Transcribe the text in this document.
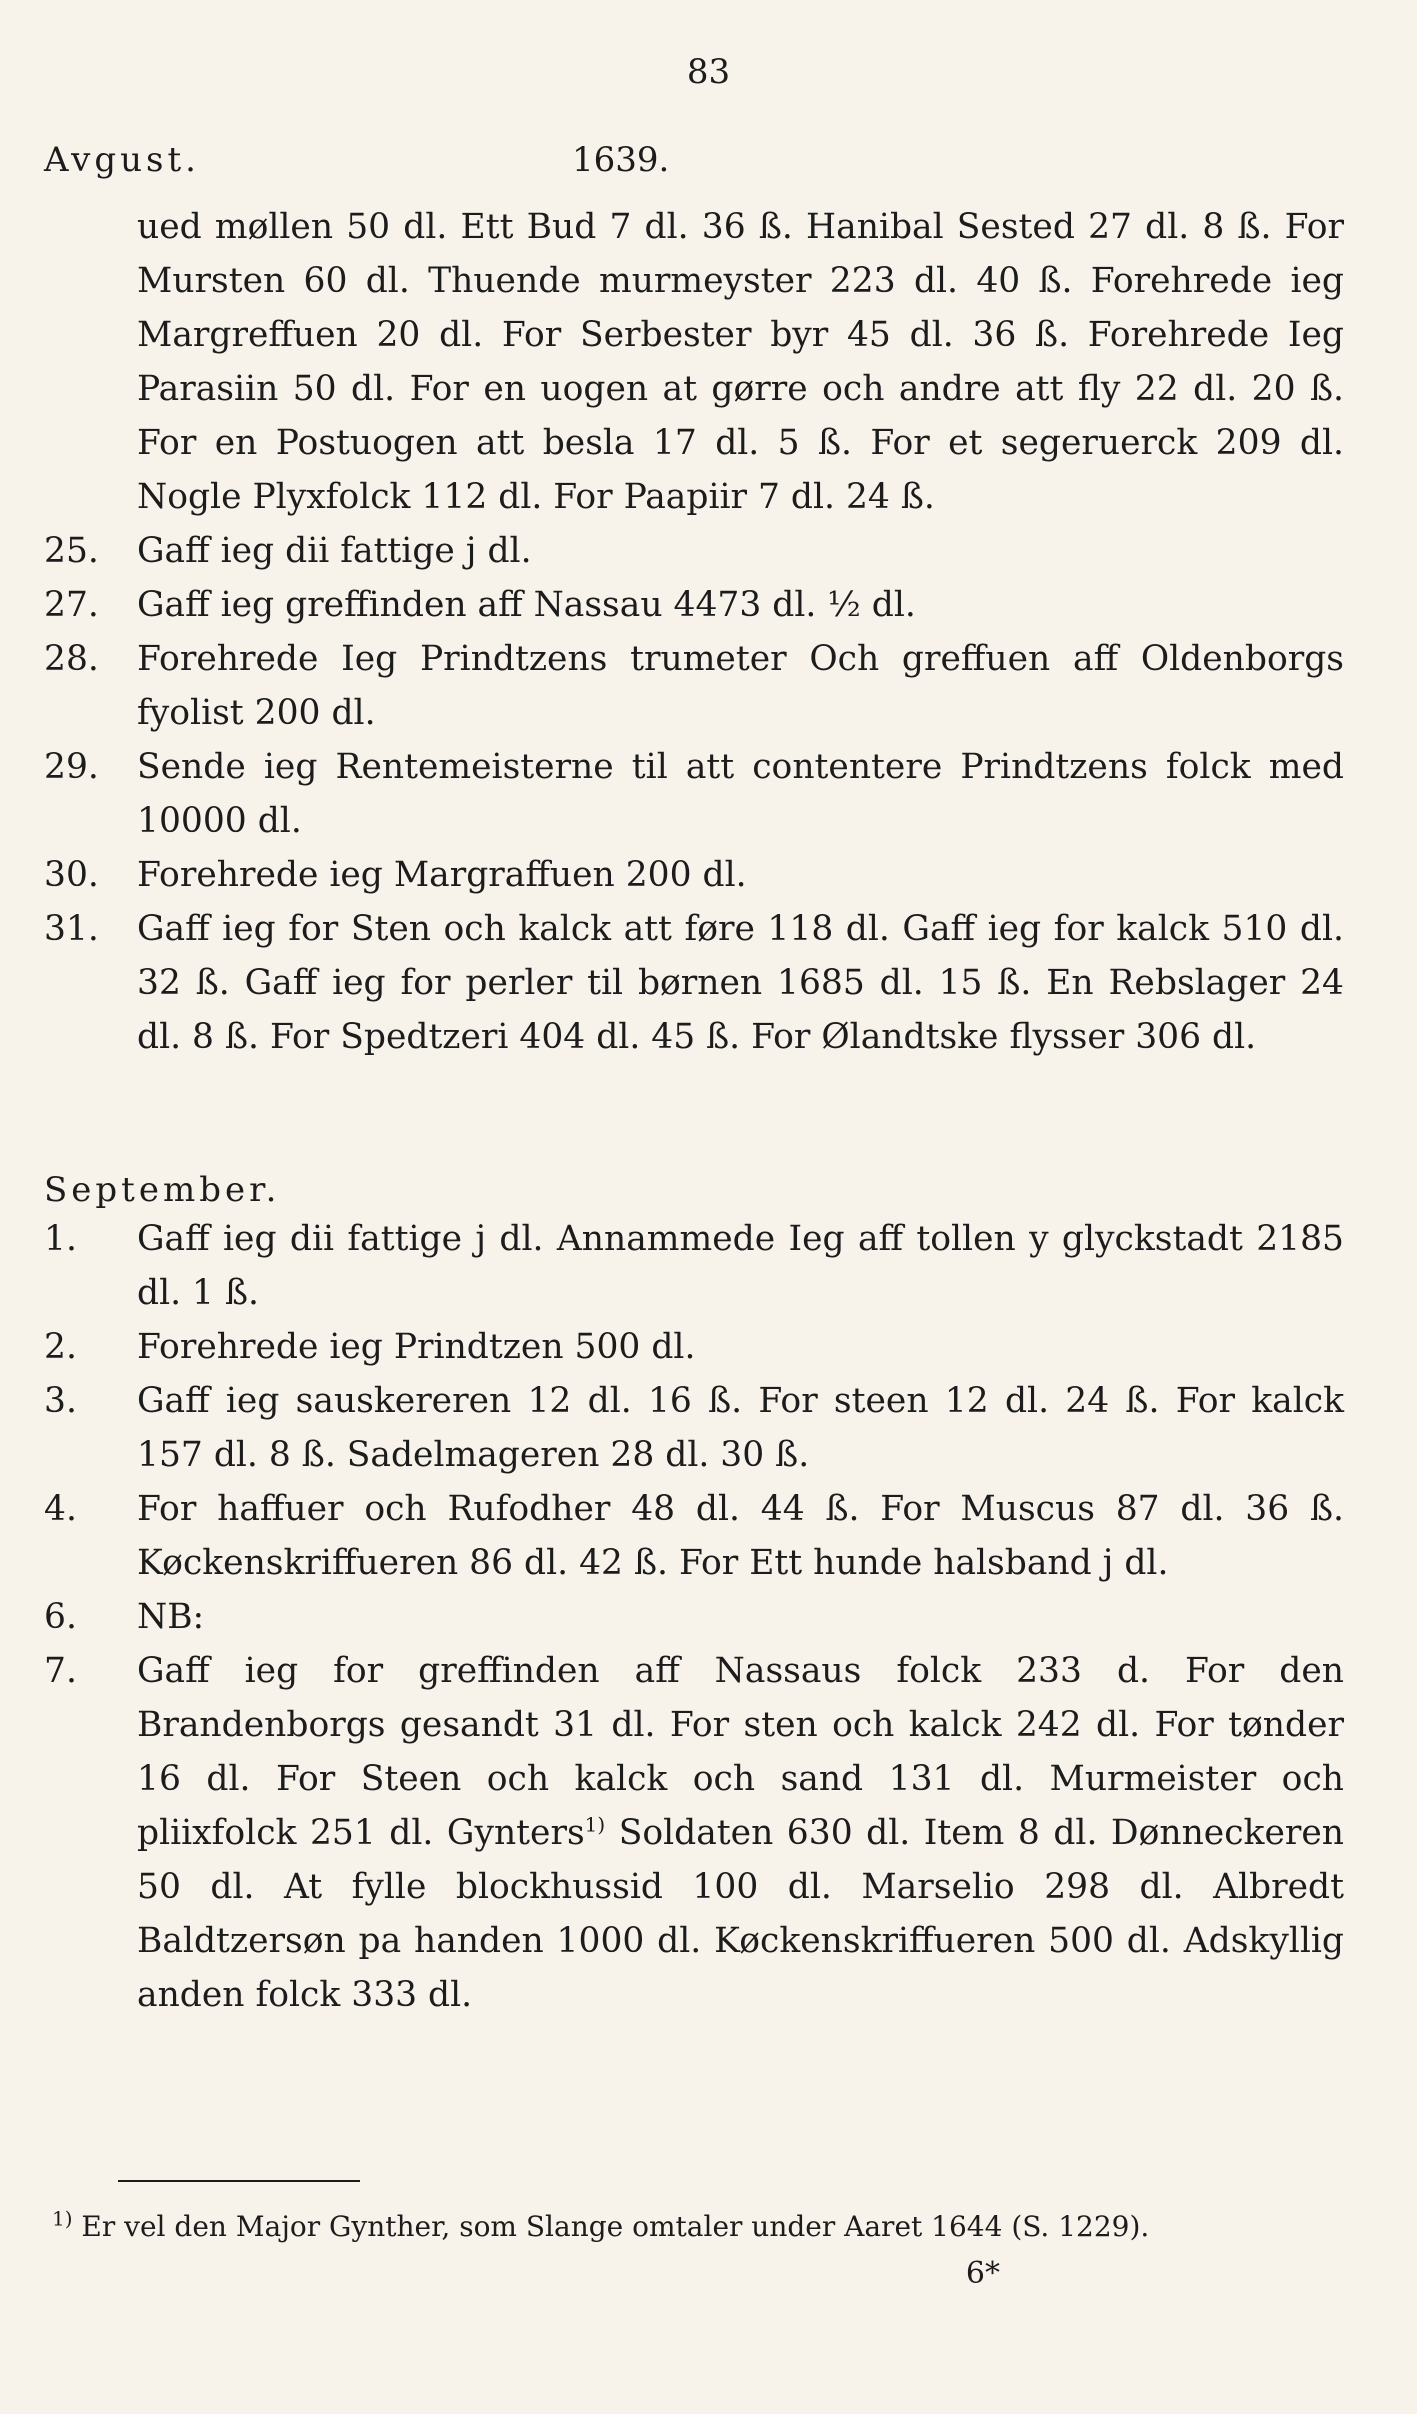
83
Avgust.	1639.

ued møllen 50 dl. Ett Bud 7 dl. 36 ß. Hanibal Sested 27 dl. 8 ß. For Mursten 60 dl. Thuende murmeyster 223 dl. 40 ß. Forehrede ieg Margreffuen 20 dl. For Serbester byr 45 dl. 36 ß. Forehrede Ieg Parasiin 50 dl. For en uogen at gørre och andre att fly 22 dl. 20 ß. For en Postuogen att besla 17 dl. 5 ß. For et segeruerck 209 dl. Nogle Plyxfolck 112 dl. For Paapiir 7 dl. 24 ß.

25. Gaff ieg dii fattige j dl.

27. Gaff ieg greffinden aff Nassau 4473 dl. ½ dl.

28. Forehrede Ieg Prindtzens trumeter Och greffuen aff Oldenborgs fyolist 200 dl.

29. Sende ieg Rentemeisterne til att contentere Prindtzens folck med 10000 dl.

30. Forehrede ieg Margraffuen 200 dl.

31. Gaff ieg for Sten och kalck att føre 118 dl. Gaff ieg for kalck 510 dl. 32 ß. Gaff ieg for perler til børnen 1685 dl. 15 ß. En Rebslager 24 dl. 8 ß. For Spedtzeri 404 dl. 45 ß. For Ølandtske flysser 306 dl.

September.
1.	Gaff ieg dii fattige j dl. Annammede Ieg aff tollen y glyckstadt 2185 dl. 1 ß.

2.	Forehrede ieg Prindtzen 500 dl.

3.	Gaff ieg sauskereren 12 dl. 16 ß. For steen 12 dl. 24 ß. For kalck 157 dl. 8 ß. Sadelmageren 28 dl. 30 ß.

4.	For haffuer och Rufodher 48 dl. 44 ß. For Muscus 87 dl. 36 ß. Køckenskriffueren 86 dl. 42 ß. For Ett hunde halsband j dl.

6.	NB:

7.	Gaff ieg for greffinden aff Nassaus folck 233 d. For den Brandenborgs gesandt 31 dl. For sten och kalck 242 dl. For tønder 16 dl. For Steen och kalck och sand 131 dl. Murmeister och pliixfolck 251 dl. Gynters$^{1)}$ Soldaten 630 dl. Item 8 dl. Dønneckeren 50 dl. At fylle blockhussid 100 dl. Marselio 298 dl. Albredt Baldtzersøn pa handen 1000 dl. Køckenskriffueren 500 dl. Adskyllig anden folck 333 dl.

$^{1)}$ Er vel den Major Gynther, som Slange omtaler under Aaret 1644 (S. 1229).
6*
